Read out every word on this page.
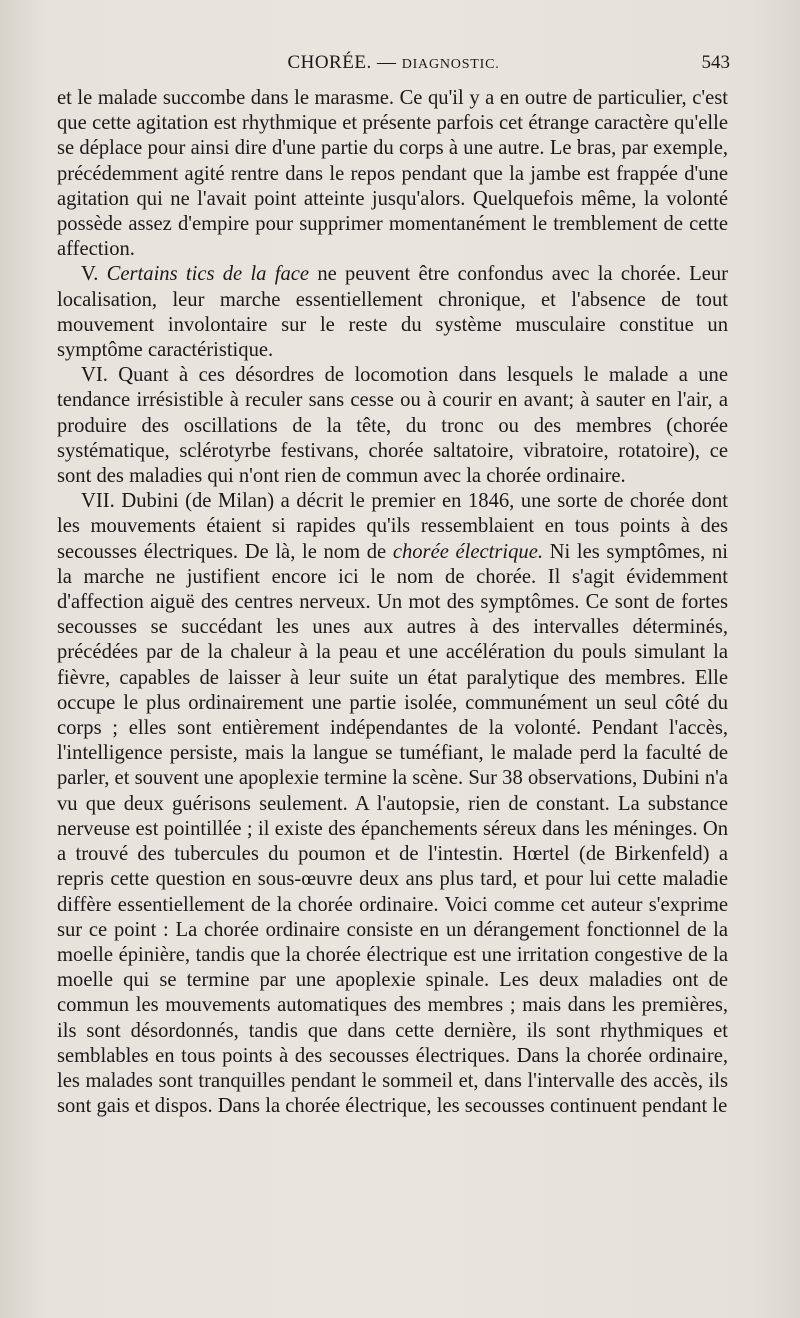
CHORÉE. — DIAGNOSTIC.	543

et le malade succombe dans le marasme. Ce qu'il y a en outre de particulier, c'est que cette agitation est rhythmique et présente parfois cet étrange caractère qu'elle se déplace pour ainsi dire d'une partie du corps à une autre. Le bras, par exemple, précédemment agité rentre dans le repos pendant que la jambe est frappée d'une agitation qui ne l'avait point atteinte jusqu'alors. Quelquefois même, la volonté possède assez d'empire pour supprimer momentanément le tremblement de cette affection.

V. Certains tics de la face ne peuvent être confondus avec la chorée. Leur localisation, leur marche essentiellement chronique, et l'absence de tout mouvement involontaire sur le reste du système musculaire constitue un symptôme caractéristique.

VI. Quant à ces désordres de locomotion dans lesquels le malade a une tendance irrésistible à reculer sans cesse ou à courir en avant; à sauter en l'air, a produire des oscillations de la tête, du tronc ou des membres (chorée systématique, sclérotyrbe festivans, chorée saltatoire, vibratoire, rotatoire), ce sont des maladies qui n'ont rien de commun avec la chorée ordinaire.

VII. Dubini (de Milan) a décrit le premier en 1846, une sorte de chorée dont les mouvements étaient si rapides qu'ils ressemblaient en tous points à des secousses électriques. De là, le nom de chorée électrique. Ni les symptômes, ni la marche ne justifient encore ici le nom de chorée. Il s'agit évidemment d'affection aiguë des centres nerveux. Un mot des symptômes. Ce sont de fortes secousses se succédant les unes aux autres à des intervalles déterminés, précédées par de la chaleur à la peau et une accélération du pouls simulant la fièvre, capables de laisser à leur suite un état paralytique des membres. Elle occupe le plus ordinairement une partie isolée, communément un seul côté du corps ; elles sont entièrement indépendantes de la volonté. Pendant l'accès, l'intelligence persiste, mais la langue se tuméfiant, le malade perd la faculté de parler, et souvent une apoplexie termine la scène. Sur 38 observations, Dubini n'a vu que deux guérisons seulement. A l'autopsie, rien de constant. La substance nerveuse est pointillée ; il existe des épanchements séreux dans les méninges. On a trouvé des tubercules du poumon et de l'intestin. Hœrtel (de Birkenfeld) a repris cette question en sous-œuvre deux ans plus tard, et pour lui cette maladie diffère essentiellement de la chorée ordinaire. Voici comme cet auteur s'exprime sur ce point : La chorée ordinaire consiste en un dérangement fonctionnel de la moelle épinière, tandis que la chorée électrique est une irritation congestive de la moelle qui se termine par une apoplexie spinale. Les deux maladies ont de commun les mouvements automatiques des membres ; mais dans les premières, ils sont désordonnés, tandis que dans cette dernière, ils sont rhythmiques et semblables en tous points à des secousses électriques. Dans la chorée ordinaire, les malades sont tranquilles pendant le sommeil et, dans l'intervalle des accès, ils sont gais et dispos. Dans la chorée électrique, les secousses continuent pendant le
